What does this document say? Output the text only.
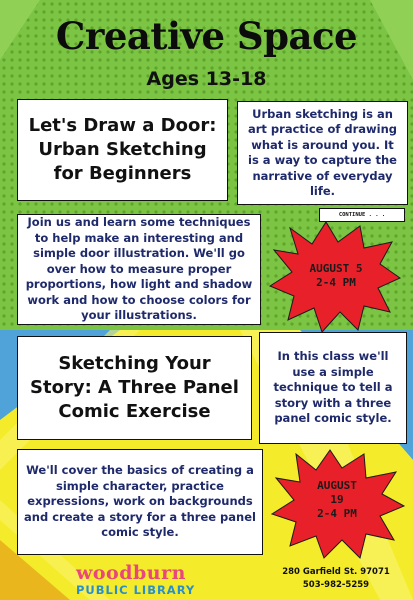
Creative Space
Ages 13-18
Let's Draw a Door: Urban Sketching for Beginners
Urban sketching is an art practice of drawing what is around you. It is a way to capture the narrative of everyday life.
CONTINUE . . .
Join us and learn some techniques to help make an interesting and simple door illustration. We'll go over how to measure proper proportions, how light and shadow work and how to choose colors for your illustrations.
AUGUST 5
2-4 PM
Sketching Your Story: A Three Panel Comic Exercise
In this class we'll use a simple technique to tell a story with a three panel comic style.
We'll cover the basics of creating a simple character, practice expressions, work on backgrounds and create a story for a three panel comic style.
AUGUST
19
2-4 PM
woodburn
PUBLIC LIBRARY
280 Garfield St. 97071
503-982-5259
